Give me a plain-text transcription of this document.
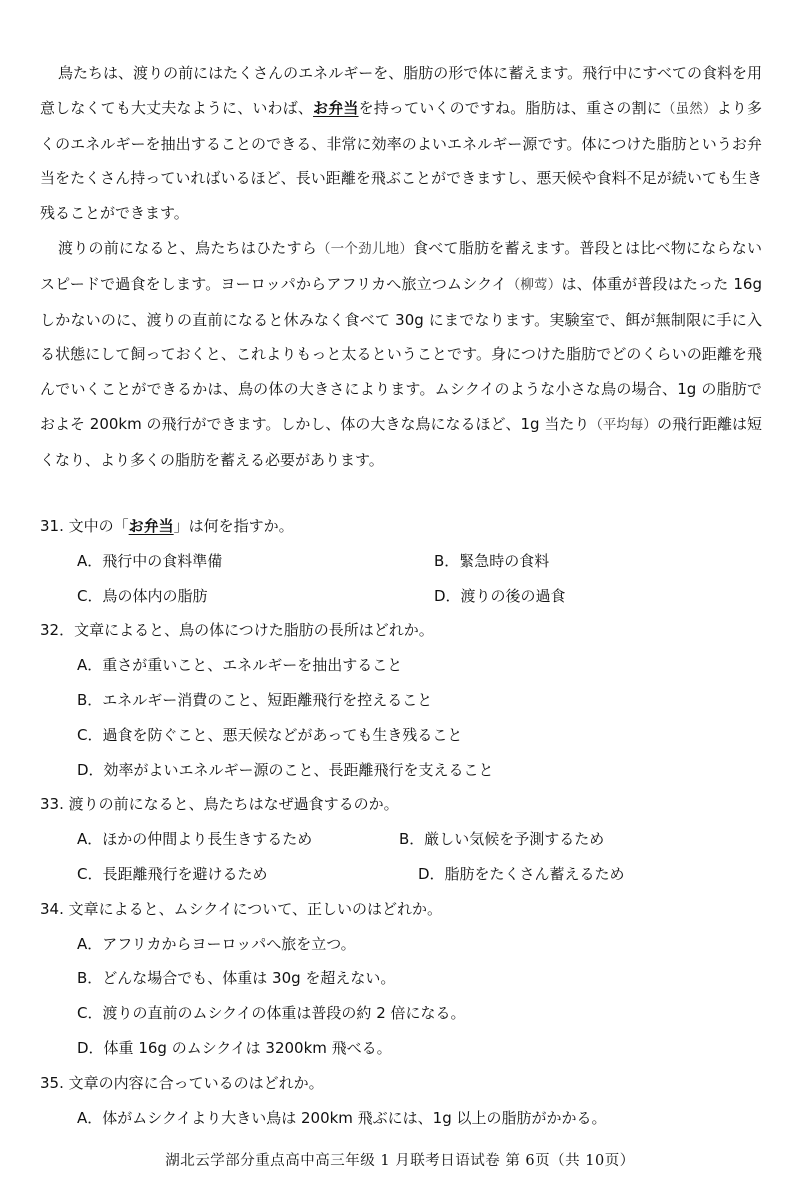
鳥たちは、渡りの前にはたくさんのエネルギーを、脂肪の形で体に蓄えます。飛行中にすべての食料を用意しなくても大丈夫なように、いわば、お弁当を持っていくのですね。脂肪は、重さの割に（虽然）より多くのエネルギーを抽出することのできる、非常に効率のよいエネルギー源です。体につけた脂肪というお弁当をたくさん持っていればいるほど、長い距離を飛ぶことができますし、悪天候や食料不足が続いても生き残ることができます。

渡りの前になると、鳥たちはひたすら（一个劲儿地）食べて脂肪を蓄えます。普段とは比べ物にならないスピードで過食をします。ヨーロッパからアフリカへ旅立つムシクイ（柳莺）は、体重が普段はたった 16g しかないのに、渡りの直前になると休みなく食べて 30g にまでなります。実験室で、餌が無制限に手に入る状態にして飼っておくと、これよりもっと太るということです。身につけた脂肪でどのくらいの距離を飛んでいくことができるかは、鳥の体の大きさによります。ムシクイのような小さな鳥の場合、1g の脂肪でおよそ 200km の飛行ができます。しかし、体の大きな鳥になるほど、1g 当たり（平均每）の飛行距離は短くなり、より多くの脂肪を蓄える必要があります。

31. 文中の「お弁当」は何を指すか。
A．飛行中の食料準備	B．緊急時の食料
C．鳥の体内の脂肪	D．渡りの後の過食
32．文章によると、鳥の体につけた脂肪の長所はどれか。
A．重さが重いこと、エネルギーを抽出すること
B．エネルギー消費のこと、短距離飛行を控えること
C．過食を防ぐこと、悪天候などがあっても生き残ること
D．効率がよいエネルギー源のこと、長距離飛行を支えること
33. 渡りの前になると、鳥たちはなぜ過食するのか。
A．ほかの仲間より長生きするため	B．厳しい気候を予測するため
C．長距離飛行を避けるため	D．脂肪をたくさん蓄えるため
34. 文章によると、ムシクイについて、正しいのはどれか。
A．アフリカからヨーロッパへ旅を立つ。
B．どんな場合でも、体重は 30g を超えない。
C．渡りの直前のムシクイの体重は普段の約 2 倍になる。
D．体重 16g のムシクイは 3200km 飛べる。
35. 文章の内容に合っているのはどれか。
A．体がムシクイより大きい鳥は 200km 飛ぶには、1g 以上の脂肪がかかる。
湖北云学部分重点高中高三年级 1 月联考日语试卷 第 6页（共 10页）
